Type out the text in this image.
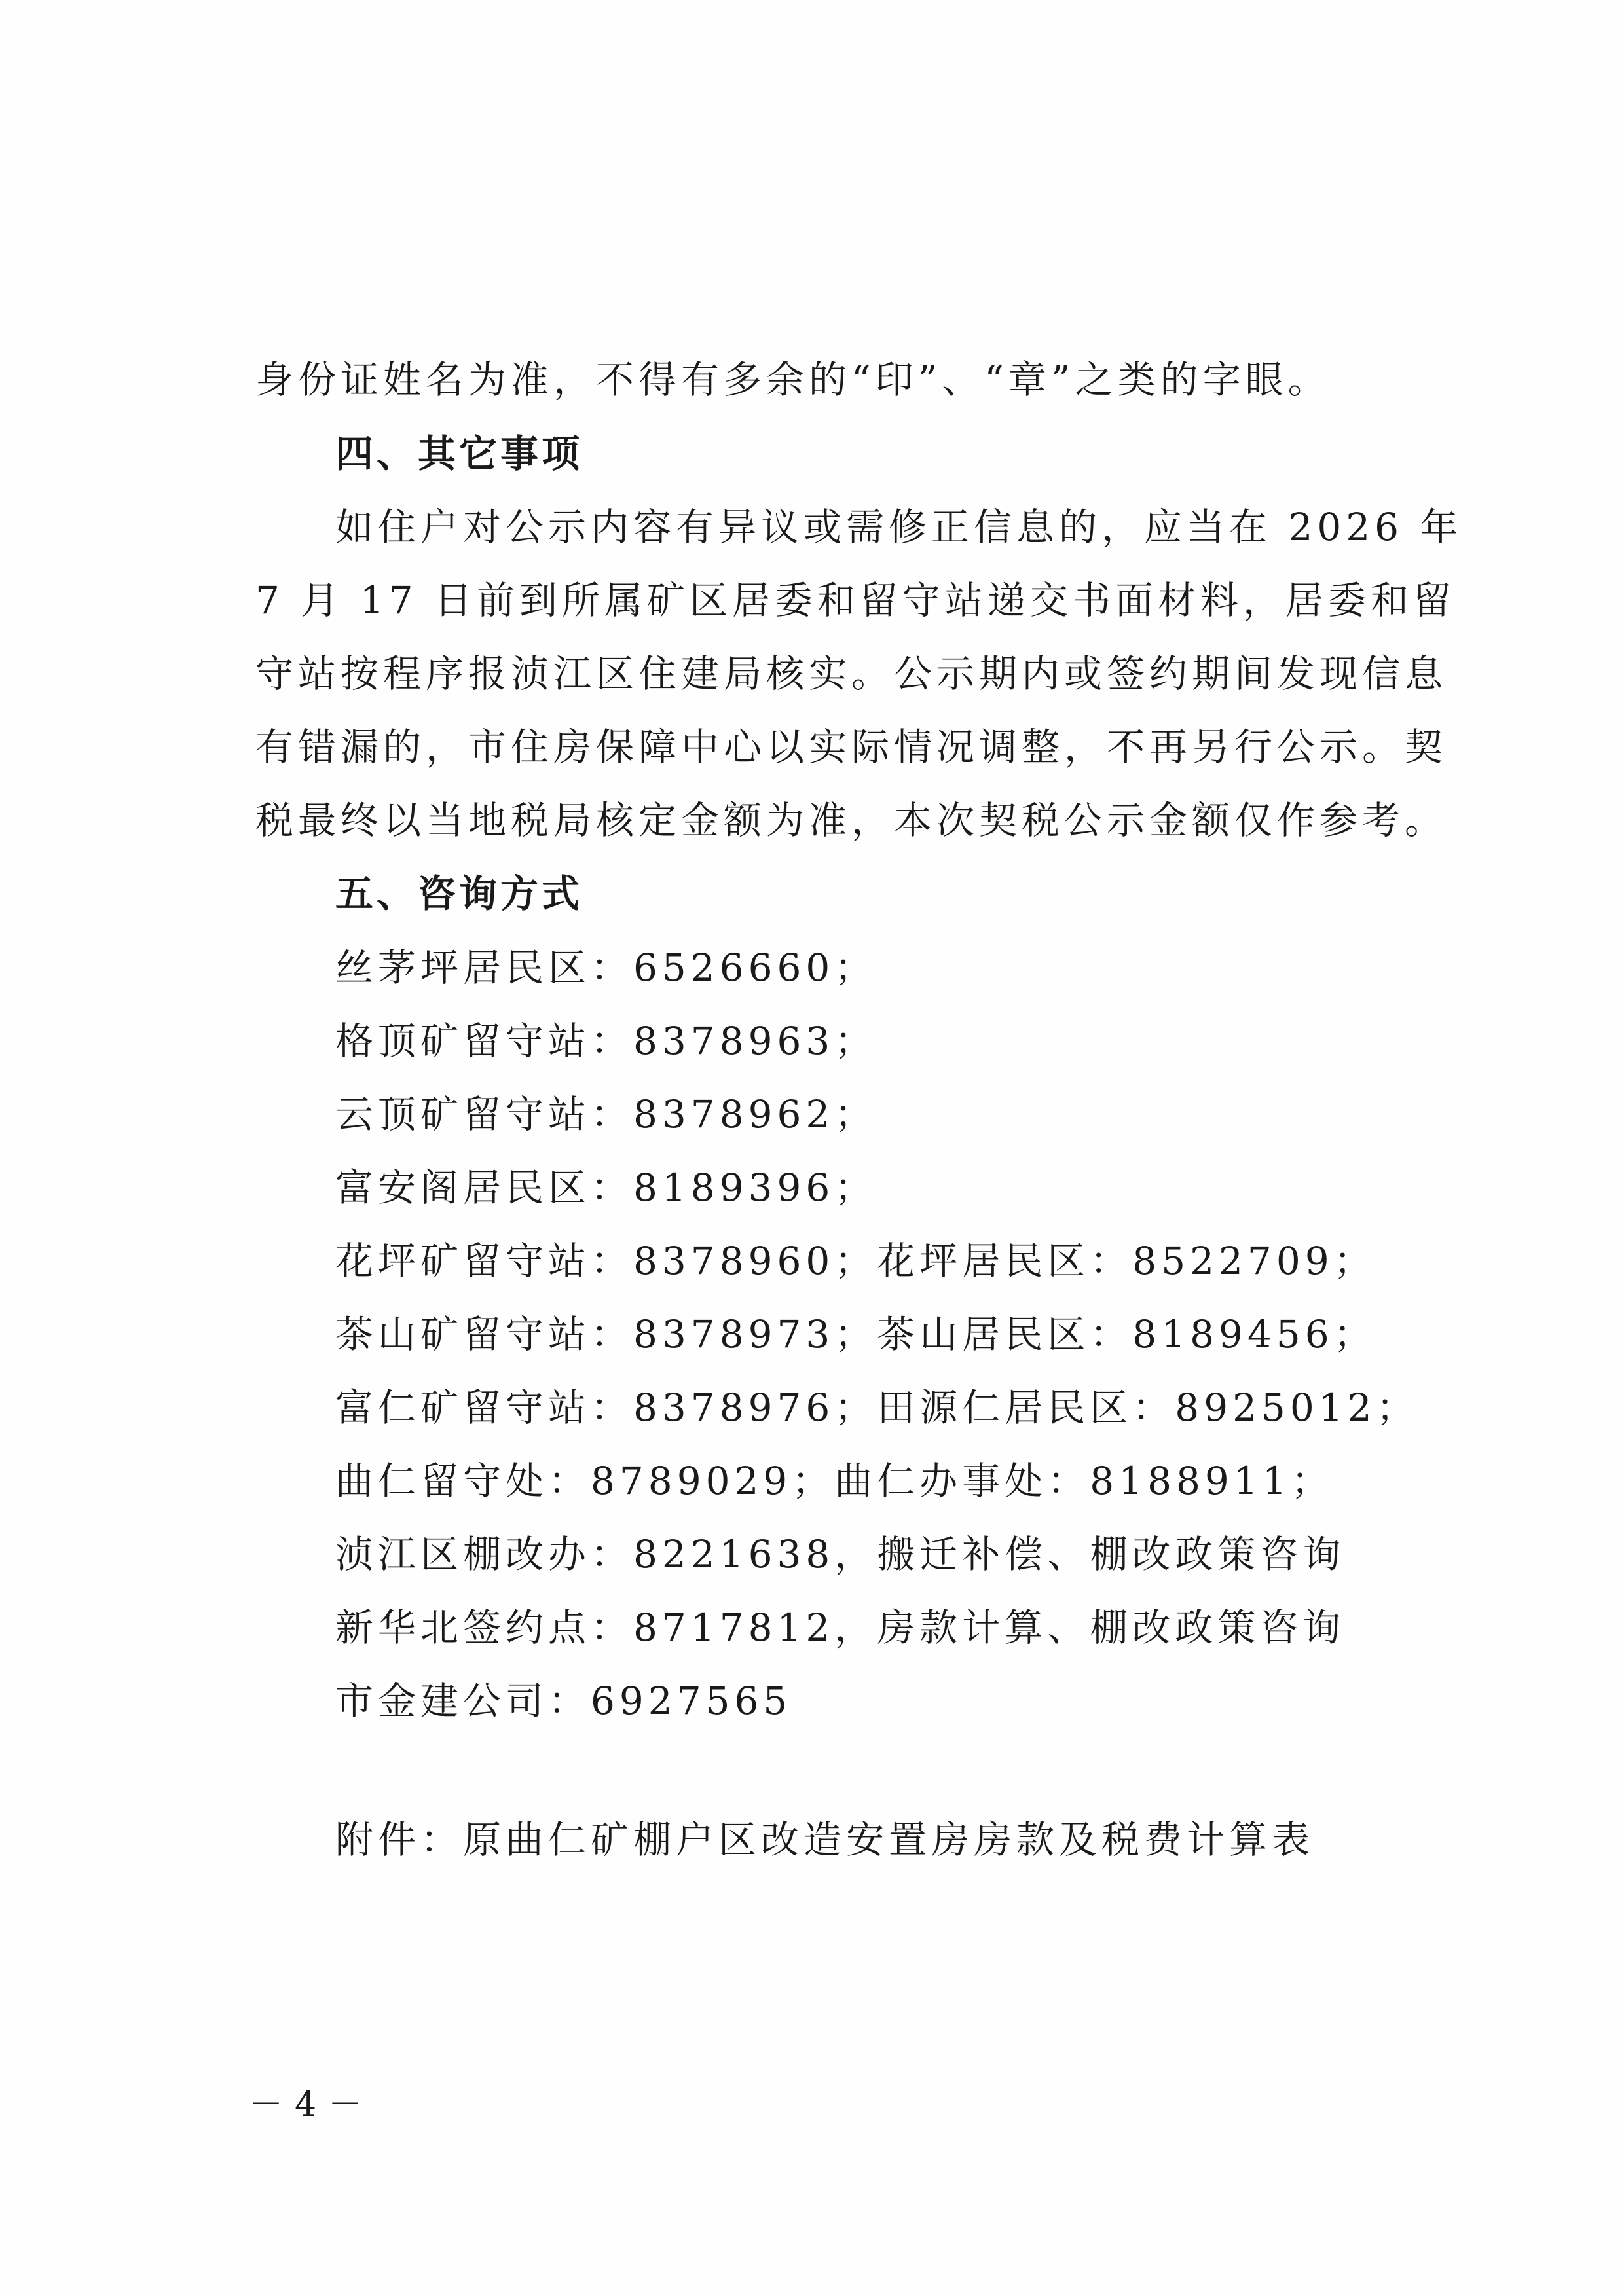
身份证姓名为准，不得有多余的“印”、“章”之类的字眼。
四、其它事项
如住户对公示内容有异议或需修正信息的，应当在 2026 年
7 月 17 日前到所属矿区居委和留守站递交书面材料，居委和留
守站按程序报浈江区住建局核实。公示期内或签约期间发现信息
有错漏的，市住房保障中心以实际情况调整，不再另行公示。契
税最终以当地税局核定金额为准，本次契税公示金额仅作参考。
五、咨询方式
丝茅坪居民区：6526660；
格顶矿留守站：8378963；
云顶矿留守站：8378962；
富安阁居民区：8189396；
花坪矿留守站：8378960；花坪居民区：8522709；
茶山矿留守站：8378973；茶山居民区：8189456；
富仁矿留守站：8378976；田源仁居民区：8925012；
曲仁留守处：8789029；曲仁办事处：8188911；
浈江区棚改办：8221638，搬迁补偿、棚改政策咨询
新华北签约点：8717812，房款计算、棚改政策咨询
市金建公司：6927565
附件：原曲仁矿棚户区改造安置房房款及税费计算表
－4－
